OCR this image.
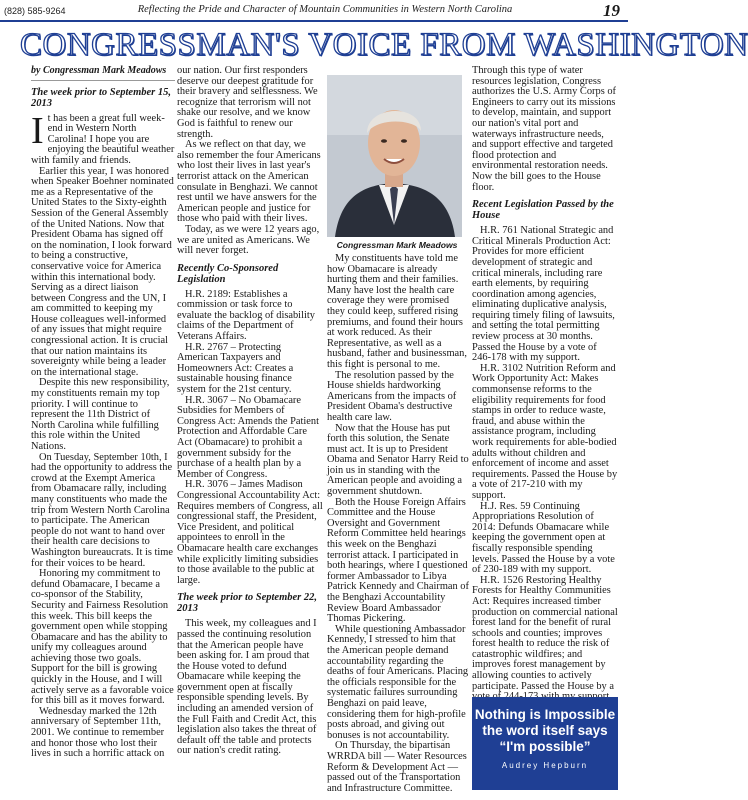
(828) 585-9264	Reflecting the Pride and Character of Mountain Communities in Western North Carolina	19
CONGRESSMAN'S VOICE FROM WASHINGTON
by Congressman Mark Meadows
The week prior to September 15, 2013

I t has been a great full week-end in Western North Carolina! I hope you are enjoying the beautiful weather with family and friends.

Earlier this year, I was honored when Speaker Boehner nominated me as a Representative of the United States to the Sixty-eighth Session of the General Assembly of the United Nations. Now that President Obama has signed off on the nomination, I look forward to being a constructive, conservative voice for America within this international body. Serving as a direct liaison between Congress and the UN, I am committed to keeping my House colleagues well-informed of any issues that might require congressional action. It is crucial that our nation maintains its sovereignty while being a leader on the international stage.

Despite this new responsibility, my constituents remain my top priority. I will continue to represent the 11th District of North Carolina while fulfilling this role within the United Nations.

On Tuesday, September 10th, I had the opportunity to address the crowd at the Exempt America from Obamacare rally, including many constituents who made the trip from Western North Carolina to participate. The American people do not want to hand over their health care decisions to Washington bureaucrats. It is time for their voices to be heard.

Honoring my commitment to defund Obamacare, I became a co-sponsor of the Stability, Security and Fairness Resolution this week. This bill keeps the government open while stopping Obamacare and has the ability to unify my colleagues around achieving those two goals. Support for the bill is growing quickly in the House, and I will actively serve as a favorable voice for this bill as it moves forward.

Wednesday marked the 12th anniversary of September 11th, 2001. We continue to remember and honor those who lost their lives in such a horrific attack on

our nation. Our first responders deserve our deepest gratitude for their bravery and selflessness. We recognize that terrorism will not shake our resolve, and we know God is faithful to renew our strength.

As we reflect on that day, we also remember the four Americans who lost their lives in last year's terrorist attack on the American consulate in Benghazi. We cannot rest until we have answers for the American people and justice for those who paid with their lives.

Today, as we were 12 years ago, we are united as Americans. We will never forget.

Recently Co-Sponsored Legislation

H.R. 2189: Establishes a commission or task force to evaluate the backlog of disability claims of the Department of Veterans Affairs.

H.R. 2767 – Protecting American Taxpayers and Homeowners Act: Creates a sustainable housing finance system for the 21st century.

H.R. 3067 – No Obamacare Subsidies for Members of Congress Act: Amends the Patient Protection and Affordable Care Act (Obamacare) to prohibit a government subsidy for the purchase of a health plan by a Member of Congress.

H.R. 3076 – James Madison Congressional Accountability Act: Requires members of Congress, all congressional staff, the President, Vice President, and political appointees to enroll in the Obamacare health care exchanges while explicitly limiting subsidies to those available to the public at large.

The week prior to September 22, 2013

This week, my colleagues and I passed the continuing resolution that the American people have been asking for. I am proud that the House voted to defund Obamacare while keeping the government open at fiscally responsible spending levels. By including an amended version of the Full Faith and Credit Act, this legislation also takes the threat of default off the table and protects our nation's credit rating.

Congressman Mark Meadows

My constituents have told me how Obamacare is already hurting them and their families. Many have lost the health care coverage they were promised they could keep, suffered rising premiums, and found their hours at work reduced. As their Representative, as well as a husband, father and businessman, this fight is personal to me.

The resolution passed by the House shields hardworking Americans from the impacts of President Obama's destructive health care law.

Now that the House has put forth this solution, the Senate must act. It is up to President Obama and Senator Harry Reid to join us in standing with the American people and avoiding a government shutdown.

Both the House Foreign Affairs Committee and the House Oversight and Government Reform Committee held hearings this week on the Benghazi terrorist attack. I participated in both hearings, where I questioned former Ambassador to Libya Patrick Kennedy and Chairman of the Benghazi Accountability Review Board Ambassador Thomas Pickering.

While questioning Ambassador Kennedy, I stressed to him that the American people demand accountability regarding the deaths of four Americans. Placing the officials responsible for the systematic failures surrounding Benghazi on paid leave, considering them for high-profile posts abroad, and giving out bonuses is not accountability.

On Thursday, the bipartisan WRRDA bill — Water Resources Reform & Development Act — passed out of the Transportation and Infrastructure Committee.

Through this type of water resources legislation, Congress authorizes the U.S. Army Corps of Engineers to carry out its missions to develop, maintain, and support our nation's vital port and waterways infrastructure needs, and support effective and targeted flood protection and environmental restoration needs. Now the bill goes to the House floor.

Recent Legislation Passed by the House

H.R. 761 National Strategic and Critical Minerals Production Act: Provides for more efficient development of strategic and critical minerals, including rare earth elements, by requiring coordination among agencies, eliminating duplicative analysis, requiring timely filing of lawsuits, and setting the total permitting review process at 30 months. Passed the House by a vote of 246-178 with my support.

H.R. 3102 Nutrition Reform and Work Opportunity Act: Makes commonsense reforms to the eligibility requirements for food stamps in order to reduce waste, fraud, and abuse within the assistance program, including work requirements for able-bodied adults without children and enforcement of income and asset requirements. Passed the House by a vote of 217-210 with my support.

H.J. Res. 59 Continuing Appropriations Resolution of 2014: Defunds Obamacare while keeping the government open at fiscally responsible spending levels. Passed the House by a vote of 230-189 with my support.

H.R. 1526 Restoring Healthy Forests for Healthy Communities Act: Requires increased timber production on commercial national forest land for the benefit of rural schools and counties; improves forest health to reduce the risk of catastrophic wildfires; and improves forest management by allowing counties to actively participate. Passed the House by a

Nothing is Impossible the word itself says “I'm possible”
Audrey Hepburn
